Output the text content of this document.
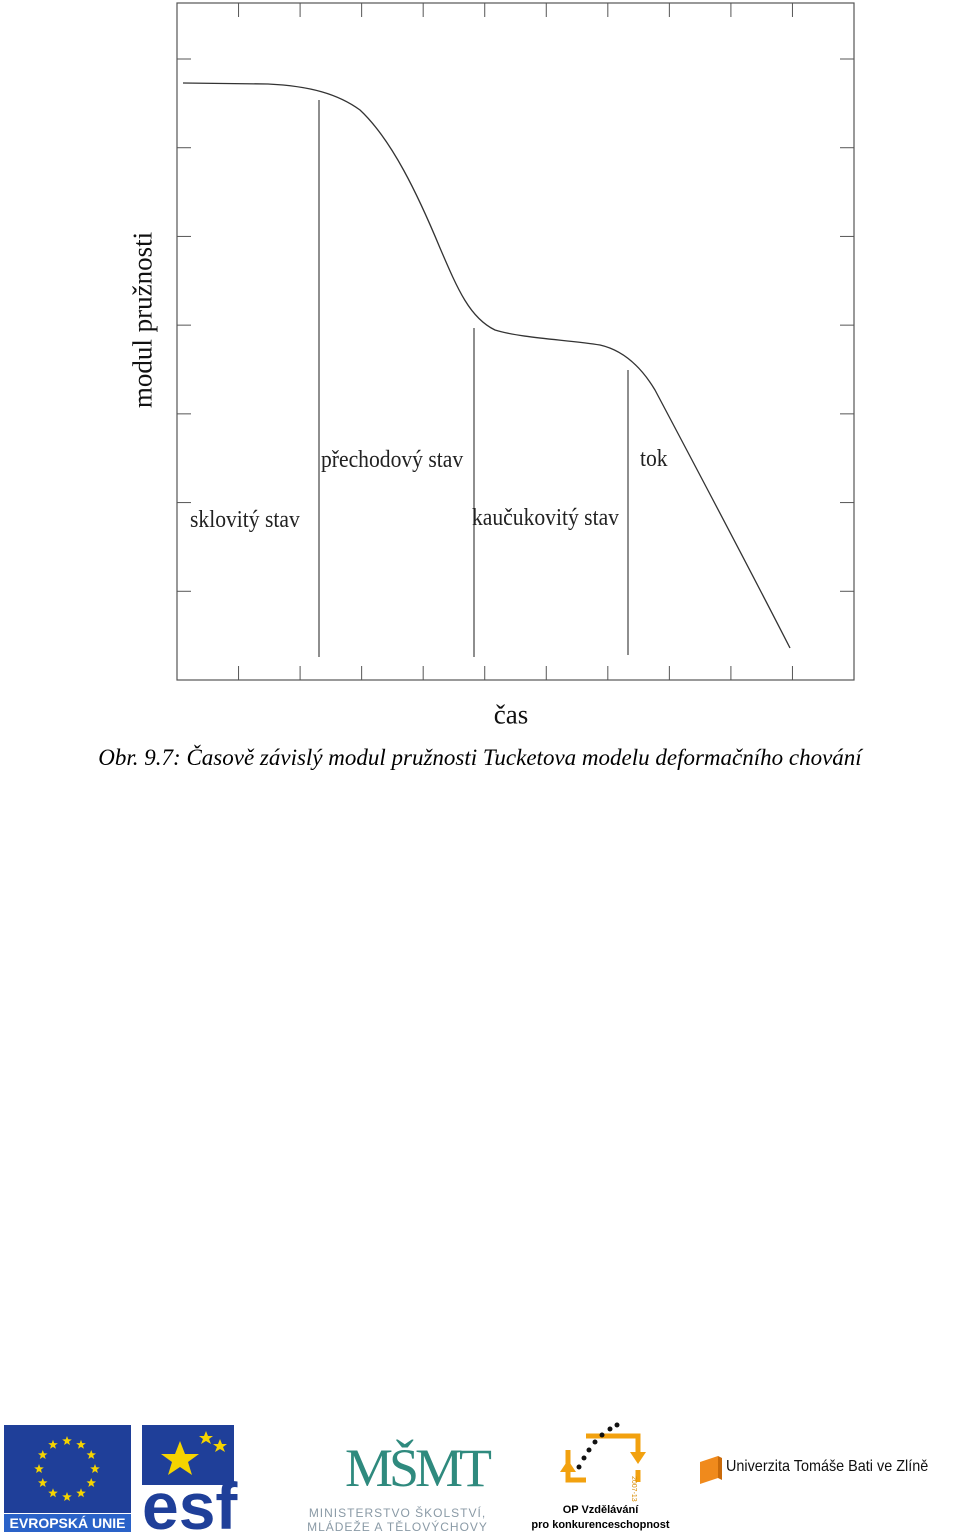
modul pružnosti
čas
sklovitý stav
přechodový stav
kaučukovitý stav
tok
Obr. 9.7: Časově závislý modul pružnosti Tucketova modelu deformačního chování
EVROPSKÁ UNIE esf
MŠMT
MINISTERSTVO ŠKOLSTVÍ,
MLÁDEŽE A TĚLOVÝCHOVY
2007-13
OP Vzdělávání
pro konkurenceschopnost
Univerzita Tomáše Bati ve Zlíně
